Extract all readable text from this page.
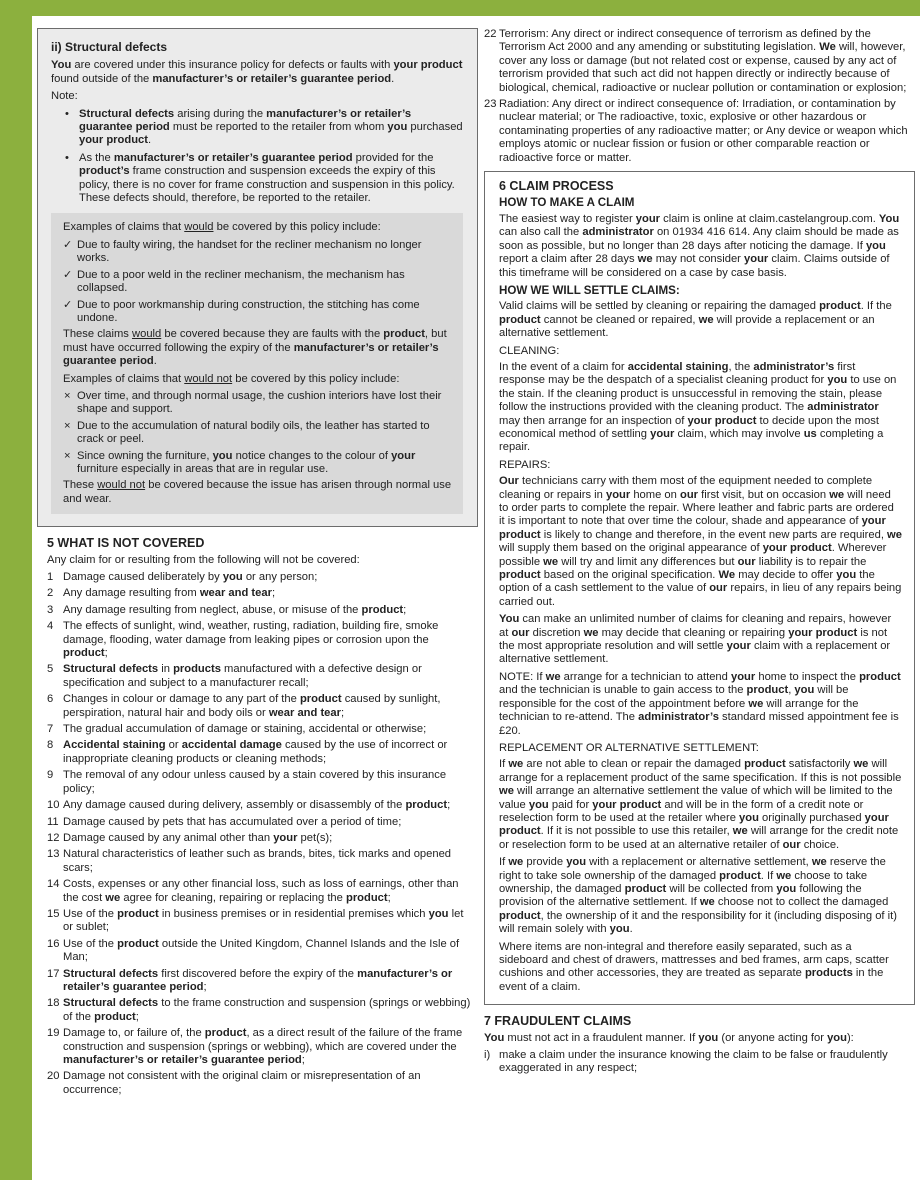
ii) Structural defects

You are covered under this insurance policy for defects or faults with your product found outside of the manufacturer’s or retailer’s guarantee period.

Note:

• Structural defects arising during the manufacturer’s or retailer’s guarantee period must be reported to the retailer from whom you purchased your product.
• As the manufacturer’s or retailer’s guarantee period provided for the product’s frame construction and suspension exceeds the expiry of this policy, there is no cover for frame construction and suspension in this policy. These defects should, therefore, be reported to the retailer.

Examples of claims that would be covered by this policy include:

✓ Due to faulty wiring, the handset for the recliner mechanism no longer works.
✓ Due to a poor weld in the recliner mechanism, the mechanism has collapsed.
✓ Due to poor workmanship during construction, the stitching has come undone.

These claims would be covered because they are faults with the product, but must have occurred following the expiry of the manufacturer’s or retailer’s guarantee period.

Examples of claims that would not be covered by this policy include:

× Over time, and through normal usage, the cushion interiors have lost their shape and support.
× Due to the accumulation of natural bodily oils, the leather has started to crack or peel.
× Since owning the furniture, you notice changes to the colour of your furniture especially in areas that are in regular use.

These would not be covered because the issue has arisen through normal use and wear.

5 WHAT IS NOT COVERED

Any claim for or resulting from the following will not be covered:

1 Damage caused deliberately by you or any person;
2 Any damage resulting from wear and tear;
3 Any damage resulting from neglect, abuse, or misuse of the product;
4 The effects of sunlight, wind, weather, rusting, radiation, building fire, smoke damage, flooding, water damage from leaking pipes or corrosion upon the product;
5 Structural defects in products manufactured with a defective design or specification and subject to a manufacturer recall;
6 Changes in colour or damage to any part of the product caused by sunlight, perspiration, natural hair and body oils or wear and tear;
7 The gradual accumulation of damage or staining, accidental or otherwise;
8 Accidental staining or accidental damage caused by the use of incorrect or inappropriate cleaning products or cleaning methods;
9 The removal of any odour unless caused by a stain covered by this insurance policy;
10 Any damage caused during delivery, assembly or disassembly of the product;
11 Damage caused by pets that has accumulated over a period of time;
12 Damage caused by any animal other than your pet(s);
13 Natural characteristics of leather such as brands, bites, tick marks and opened scars;
14 Costs, expenses or any other financial loss, such as loss of earnings, other than the cost we agree for cleaning, repairing or replacing the product;
15 Use of the product in business premises or in residential premises which you let or sublet;
16 Use of the product outside the United Kingdom, Channel Islands and the Isle of Man;
17 Structural defects first discovered before the expiry of the manufacturer’s or retailer’s guarantee period;
18 Structural defects to the frame construction and suspension (springs or webbing) of the product;
19 Damage to, or failure of, the product, as a direct result of the failure of the frame construction and suspension (springs or webbing), which are covered under the manufacturer’s or retailer’s guarantee period;
20 Damage not consistent with the original claim or misrepresentation of an occurrence;
22 Terrorism: Any direct or indirect consequence of terrorism as defined by the Terrorism Act 2000 and any amending or substituting legislation. We will, however, cover any loss or damage (but not related cost or expense, caused by any act of terrorism provided that such act did not happen directly or indirectly because of biological, chemical, radioactive or nuclear pollution or contamination or explosion;
23 Radiation: Any direct or indirect consequence of: Irradiation, or contamination by nuclear material; or The radioactive, toxic, explosive or other hazardous or contaminating properties of any radioactive matter; or Any device or weapon which employs atomic or nuclear fission or fusion or other comparable reaction or radioactive force or matter.
6 CLAIM PROCESS
HOW TO MAKE A CLAIM

The easiest way to register your claim is online at claim.castelangroup.com. You can also call the administrator on 01934 416 614. Any claim should be made as soon as possible, but no longer than 28 days after noticing the damage. If you report a claim after 28 days we may not consider your claim. Claims outside of this timeframe will be considered on a case by case basis.

HOW WE WILL SETTLE CLAIMS:

Valid claims will be settled by cleaning or repairing the damaged product. If the product cannot be cleaned or repaired, we will provide a replacement or an alternative settlement.

CLEANING:

In the event of a claim for accidental staining, the administrator’s first response may be the despatch of a specialist cleaning product for you to use on the stain. If the cleaning product is unsuccessful in removing the stain, please follow the instructions provided with the cleaning product. The administrator may then arrange for an inspection of your product to decide upon the most economical method of settling your claim, which may involve us completing a repair.

REPAIRS:

Our technicians carry with them most of the equipment needed to complete cleaning or repairs in your home on our first visit, but on occasion we will need to order parts to complete the repair. Where leather and fabric parts are ordered it is important to note that over time the colour, shade and appearance of your product is likely to change and therefore, in the event new parts are required, we will supply them based on the original appearance of your product. Wherever possible we will try and limit any differences but our liability is to repair the product based on the original specification. We may decide to offer you the option of a cash settlement to the value of our repairs, in lieu of any repairs being carried out.

You can make an unlimited number of claims for cleaning and repairs, however at our discretion we may decide that cleaning or repairing your product is not the most appropriate resolution and will settle your claim with a replacement or alternative settlement.

NOTE: If we arrange for a technician to attend your home to inspect the product and the technician is unable to gain access to the product, you will be responsible for the cost of the appointment before we will arrange for the technician to re-attend. The administrator’s standard missed appointment fee is £20.

REPLACEMENT OR ALTERNATIVE SETTLEMENT:

If we are not able to clean or repair the damaged product satisfactorily we will arrange for a replacement product of the same specification. If this is not possible we will arrange an alternative settlement the value of which will be limited to the value you paid for your product and will be in the form of a credit note or reselection form to be used at the retailer where you originally purchased your product. If it is not possible to use this retailer, we will arrange for the credit note or reselection form to be used at an alternative retailer of our choice.

If we provide you with a replacement or alternative settlement, we reserve the right to take sole ownership of the damaged product. If we choose to take ownership, the damaged product will be collected from you following the provision of the alternative settlement. If we choose not to collect the damaged product, the ownership of it and the responsibility for it (including disposing of it) will remain solely with you.

Where items are non-integral and therefore easily separated, such as a sideboard and chest of drawers, mattresses and bed frames, arm caps, scatter cushions and other accessories, they are treated as separate products in the event of a claim.

7 FRAUDULENT CLAIMS

You must not act in a fraudulent manner. If you (or anyone acting for you):

i) make a claim under the insurance knowing the claim to be false or fraudulently exaggerated in any respect;
